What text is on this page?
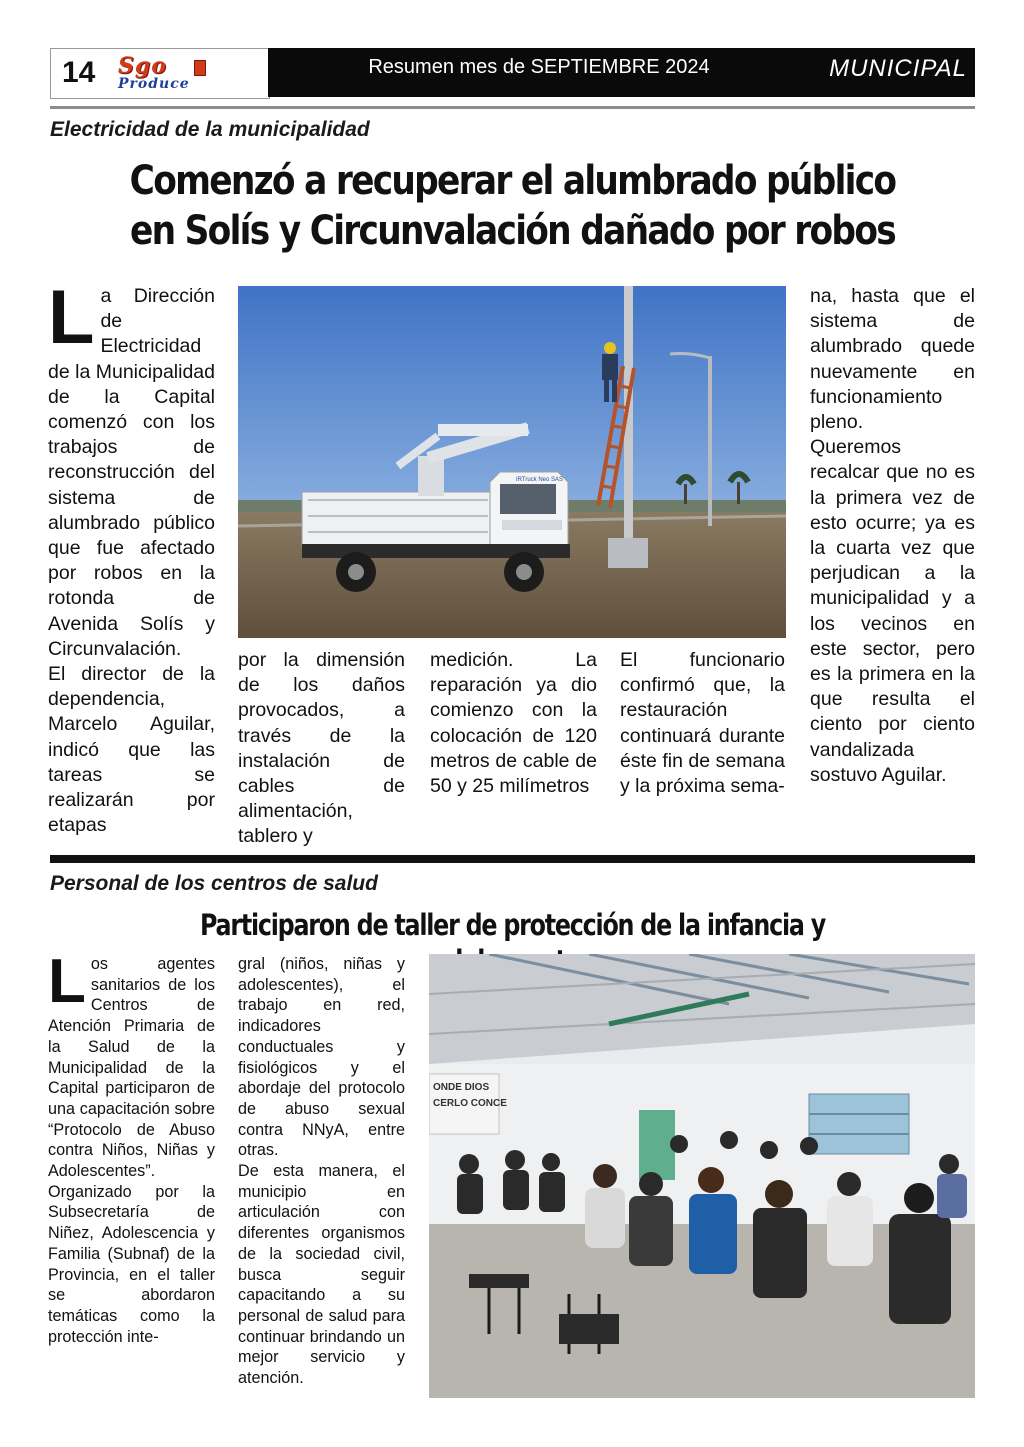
14 Sgo
Produce
Resumen mes de SEPTIEMBRE 2024	MUNICIPAL
Electricidad de la municipalidad
Comenzó a recuperar el alumbrado público
en Solís y Circunvalación dañado por robos

La Dirección de Electricidad de la Municipalidad de la Capital comenzó con los trabajos de reconstrucción del sistema de alumbrado público que fue afectado por robos en la rotonda de Avenida Solís y Circunvalación.

El director de la dependencia, Marcelo Aguilar, indicó que las tareas se realizarán por etapas

IRTruck Neo SAS
por la dimensión de los daños provocados, a través de la instalación de cables de alimentación, tablero y
medición. La reparación ya dio comienzo con la colocación de 120 metros de cable de 50 y 25 milímetros
El funcionario confirmó que, la restauración continuará durante éste fin de semana y la próxima sema-

na, hasta que el sistema de alumbrado quede nuevamente en funcionamiento pleno.

Queremos recalcar que no es la primera vez de esto ocurre; ya es la cuarta vez que perjudican a la municipalidad y a los vecinos en este sector, pero es la primera en la que resulta el ciento por ciento vandalizada sostuvo Aguilar.

Personal de los centros de salud
Participaron de taller de protección de la infancia y

Los agentes sanitarios de los Centros de Atención Primaria de la Salud de la Municipalidad de la Capital participaron de una capacitación sobre “Protocolo de Abuso contra Niños, Niñas y Adolescentes”.

Organizado por la Subsecretaría de Niñez, Adolescencia y Familia (Subnaf) de la Provincia, en el taller se abordaron temáticas como la protección inte-

gral (niños, niñas y adolescentes), el trabajo en red, indicadores conductuales y fisiológicos y el abordaje del protocolo de abuso sexual contra NNyA, entre otras.

De esta manera, el municipio en articulación con diferentes organismos de la sociedad civil, busca seguir capacitando a su personal de salud para continuar brindando un mejor servicio y atención.

ONDE DIOS
CERLO CONCE
